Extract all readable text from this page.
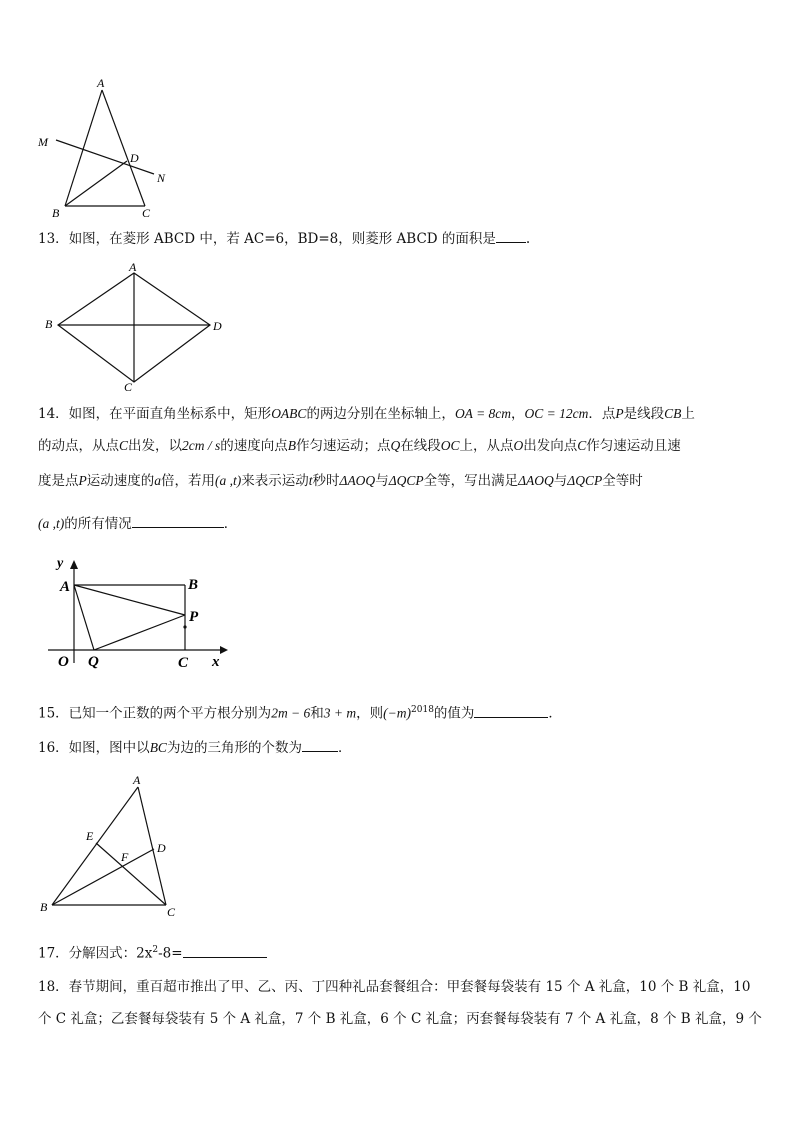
A
M
D
N
B	C
13．如图，在菱形 ABCD 中，若 AC=6，BD=8，则菱形 ABCD 的面积是 .
A
B
C
D
14．如图，在平面直角坐标系中，矩形OABC的两边分别在坐标轴上，OA = 8cm，OC = 12cm．点P是线段CB上
的动点，从点C出发，以2cm / s的速度向点B作匀速运动；点Q在线段OC上，从点O出发向点C作匀速运动且速
度是点P运动速度的a倍，若用(a ,t)来表示运动t秒时ΔAOQ与ΔQCP全等，写出满足ΔAOQ与ΔQCP全等时
(a ,t)的所有情况	．
y
A	B
P
O Q	C x
15．已知一个正数的两个平方根分别为2m − 6和3 + m，则$(-m)^{2018}$的值为	．
16．如图，图中以BC为边的三角形的个数为	．
A
E
D
F
B	C
17．分解因式：$2x^2-8=$
18．春节期间，重百超市推出了甲、乙、丙、丁四种礼品套餐组合：甲套餐每袋装有 15 个 A 礼盒，10 个 B 礼盒，10
个 C 礼盒；乙套餐每袋装有 5 个 A 礼盒，7 个 B 礼盒，6 个 C 礼盒；丙套餐每袋装有 7 个 A 礼盒，8 个 B 礼盒，9 个
